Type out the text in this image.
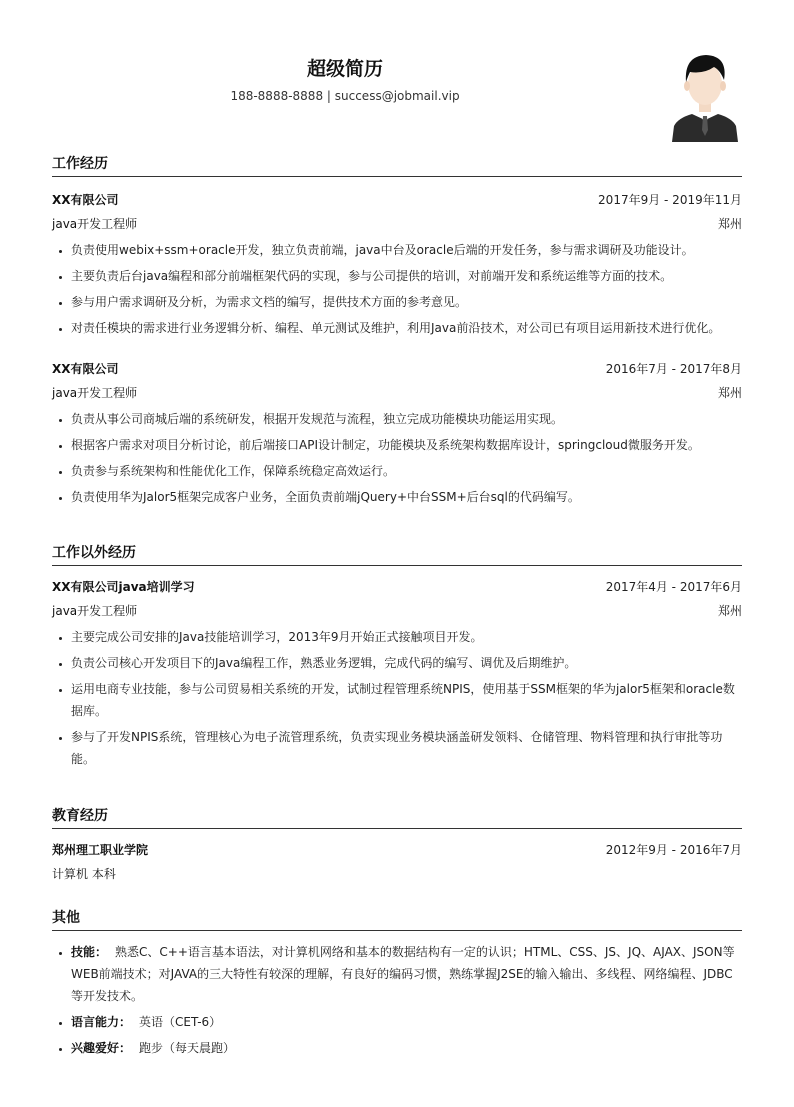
超级简历
188-8888-8888 | success@jobmail.vip
工作经历
XX有限公司	2017年9月 - 2019年11月
java开发工程师	郑州
• 负责使用webix+ssm+oracle开发，独立负责前端，java中台及oracle后端的开发任务，参与需求调研及功能设计。
• 主要负责后台java编程和部分前端框架代码的实现，参与公司提供的培训，对前端开发和系统运维等方面的技术。
• 参与用户需求调研及分析，为需求文档的编写，提供技术方面的参考意见。
• 对责任模块的需求进行业务逻辑分析、编程、单元测试及维护，利用Java前沿技术，对公司已有项目运用新技术进行优化。
XX有限公司	2016年7月 - 2017年8月
java开发工程师	郑州
• 负责从事公司商城后端的系统研发，根据开发规范与流程，独立完成功能模块功能运用实现。
• 根据客户需求对项目分析讨论，前后端接口API设计制定，功能模块及系统架构数据库设计，springcloud微服务开发。
• 负责参与系统架构和性能优化工作，保障系统稳定高效运行。
• 负责使用华为Jalor5框架完成客户业务，全面负责前端jQuery+中台SSM+后台sql的代码编写。
工作以外经历
XX有限公司java培训学习	2017年4月 - 2017年6月
java开发工程师	郑州
• 主要完成公司安排的Java技能培训学习，2013年9月开始正式接触项目开发。
• 负责公司核心开发项目下的Java编程工作，熟悉业务逻辑，完成代码的编写、调优及后期维护。
• 运用电商专业技能，参与公司贸易相关系统的开发，试制过程管理系统NPIS，使用基于SSM框架的华为jalor5框架和oracle数据库。
• 参与了开发NPIS系统，管理核心为电子流管理系统，负责实现业务模块涵盖研发领料、仓储管理、物料管理和执行审批等功能。
教育经历
郑州理工职业学院	2012年9月 - 2016年7月
计算机 本科
其他
• 技能： 熟悉C、C++语言基本语法，对计算机网络和基本的数据结构有一定的认识；HTML、CSS、JS、JQ、AJAX、JSON等WEB前端技术；对JAVA的三大特性有较深的理解，有良好的编码习惯，熟练掌握J2SE的输入输出、多线程、网络编程、JDBC等开发技术。
• 语言能力： 英语（CET-6）
• 兴趣爱好： 跑步（每天晨跑）
